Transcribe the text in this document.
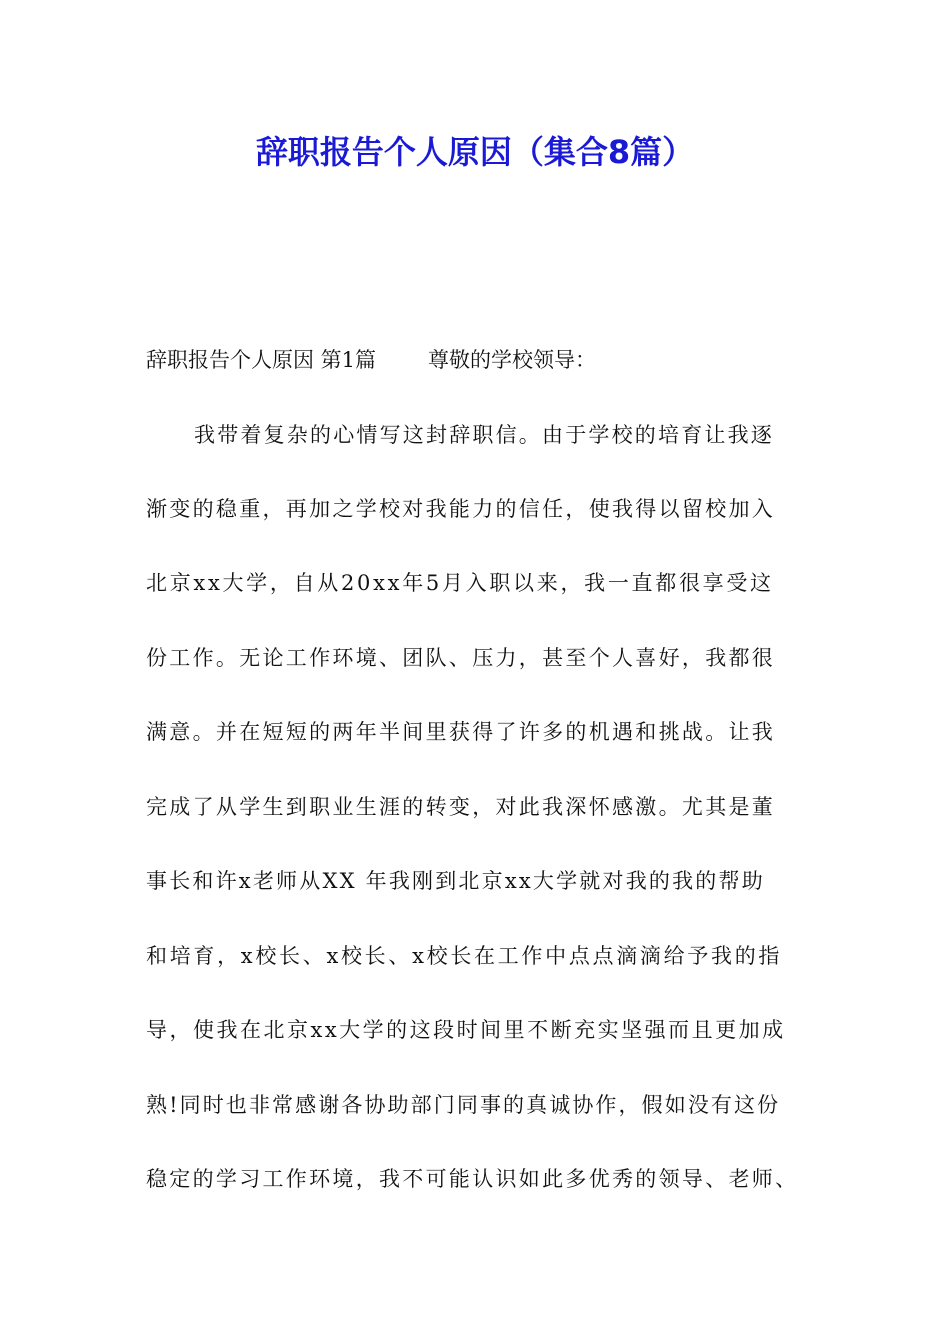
辞职报告个人原因（集合8篇）
辞职报告个人原因 第1篇 尊敬的学校领导：
我带着复杂的心情写这封辞职信。由于学校的培育让我逐
渐变的稳重，再加之学校对我能力的信任，使我得以留校加入
北京xx大学，自从20xx年5月入职以来，我一直都很享受这
份工作。无论工作环境、团队、压力，甚至个人喜好，我都很
满意。并在短短的两年半间里获得了许多的机遇和挑战。让我
完成了从学生到职业生涯的转变，对此我深怀感激。尤其是董
事长和许x老师从XX 年我刚到北京xx大学就对我的我的帮助
和培育，x校长、x校长、x校长在工作中点点滴滴给予我的指
导，使我在北京xx大学的这段时间里不断充实坚强而且更加成
熟!同时也非常感谢各协助部门同事的真诚协作，假如没有这份
稳定的学习工作环境，我不可能认识如此多优秀的领导、老师、
